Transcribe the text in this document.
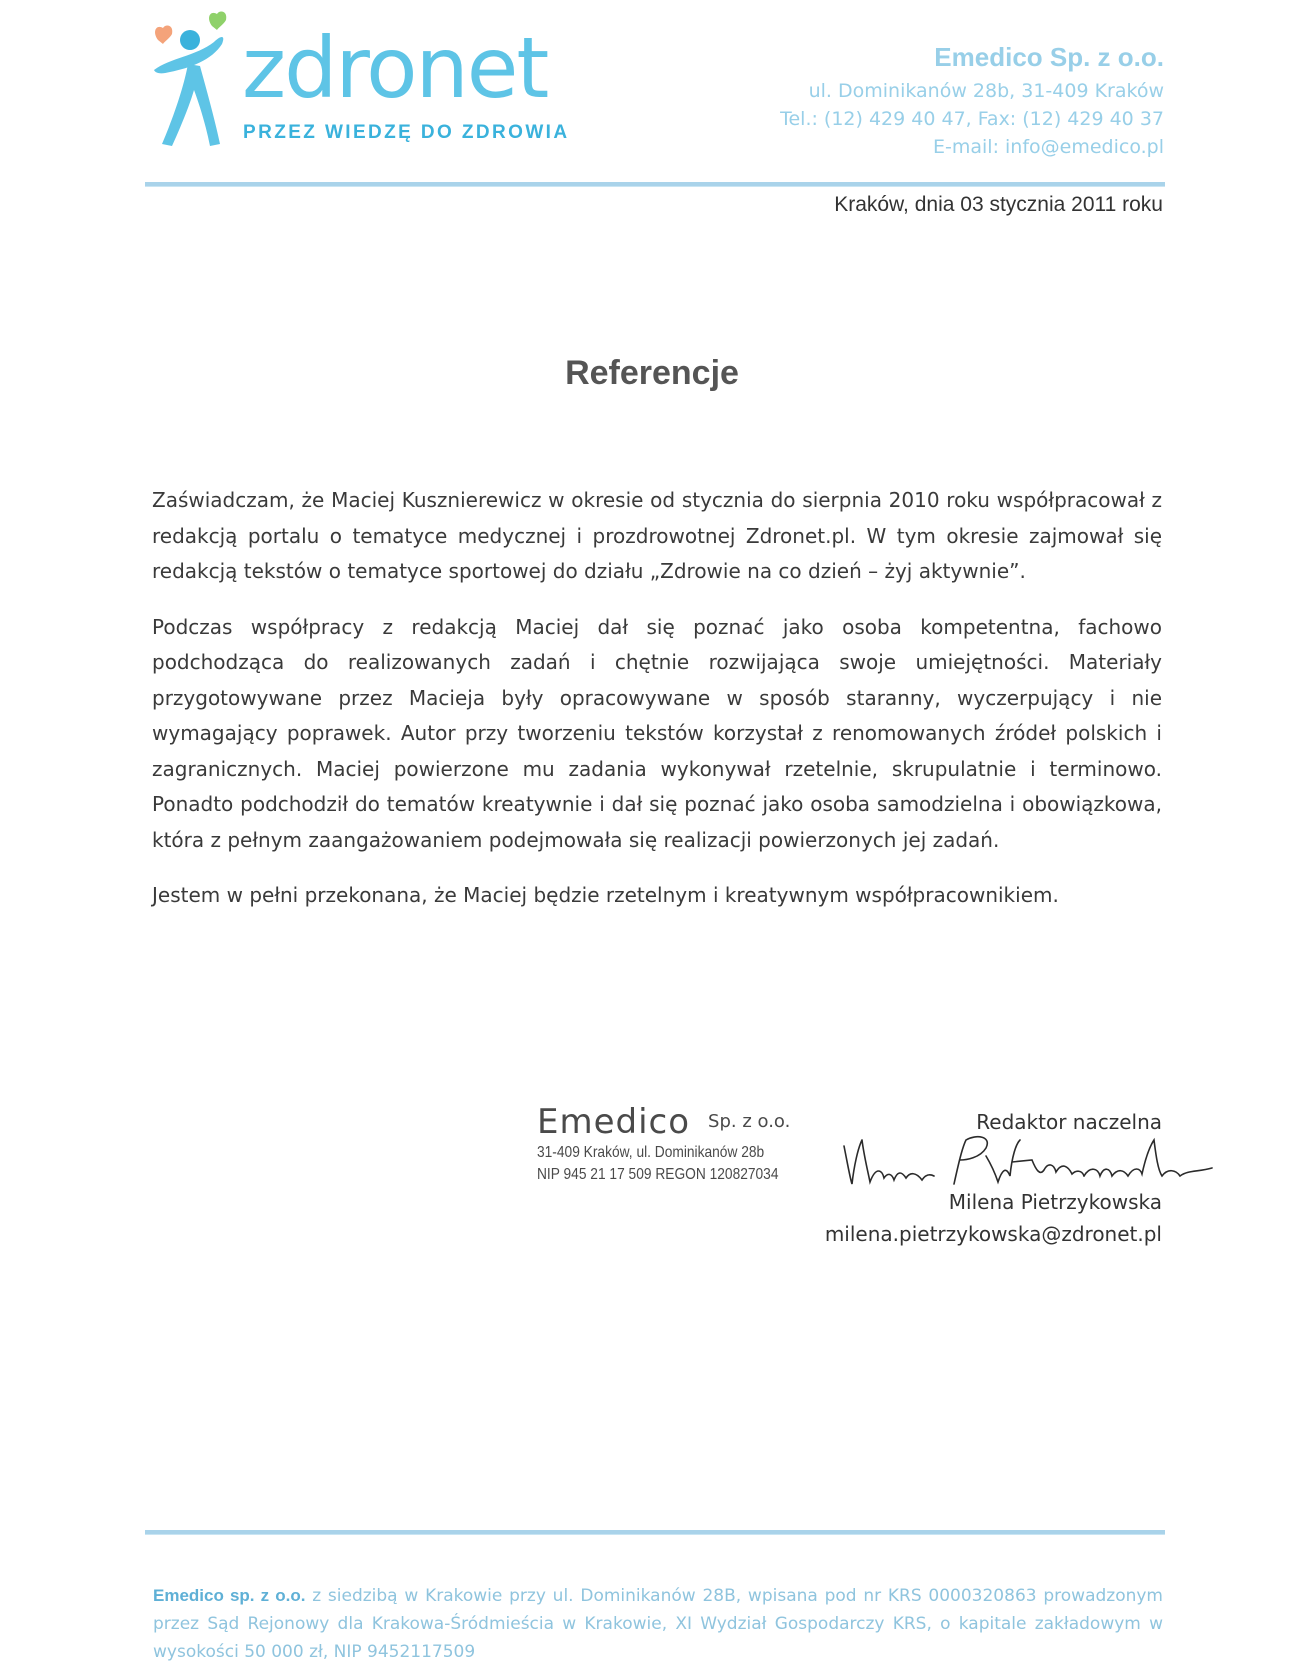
zdronet
PRZEZ WIEDZĘ DO ZDROWIA
Emedico Sp. z o.o.
ul. Dominikanów 28b, 31-409 Kraków
Tel.: (12) 429 40 47, Fax: (12) 429 40 37
E-mail: info@emedico.pl
Kraków, dnia 03 stycznia 2011 roku
Referencje

Zaświadczam, że Maciej Kusznierewicz w okresie od stycznia do sierpnia 2010 roku współpracował z redakcją portalu o tematyce medycznej i prozdrowotnej Zdronet.pl. W tym okresie zajmował się redakcją tekstów o tematyce sportowej do działu „Zdrowie na co dzień – żyj aktywnie”.

Podczas współpracy z redakcją Maciej dał się poznać jako osoba kompetentna, fachowo podchodząca do realizowanych zadań i chętnie rozwijająca swoje umiejętności. Materiały przygotowywane przez Macieja były opracowywane w sposób staranny, wyczerpujący i nie wymagający poprawek. Autor przy tworzeniu tekstów korzystał z renomowanych źródeł polskich i zagranicznych. Maciej powierzone mu zadania wykonywał rzetelnie, skrupulatnie i terminowo. Ponadto podchodził do tematów kreatywnie i dał się poznać jako osoba samodzielna i obowiązkowa, która z pełnym zaangażowaniem podejmowała się realizacji powierzonych jej zadań.

Jestem w pełni przekonana, że Maciej będzie rzetelnym i kreatywnym współpracownikiem.

Emedico Sp. z o.o.
31-409 Kraków, ul. Dominikanów 28b
NIP 945 21 17 509 REGON 120827034
Redaktor naczelna
Milena Pietrzykowska
milena.pietrzykowska@zdronet.pl
Emedico sp. z o.o. z siedzibą w Krakowie przy ul. Dominikanów 28B, wpisana pod nr KRS 0000320863 prowadzonym przez Sąd Rejonowy dla Krakowa-Śródmieścia w Krakowie, XI Wydział Gospodarczy KRS, o kapitale zakładowym w wysokości 50 000 zł, NIP 9452117509
